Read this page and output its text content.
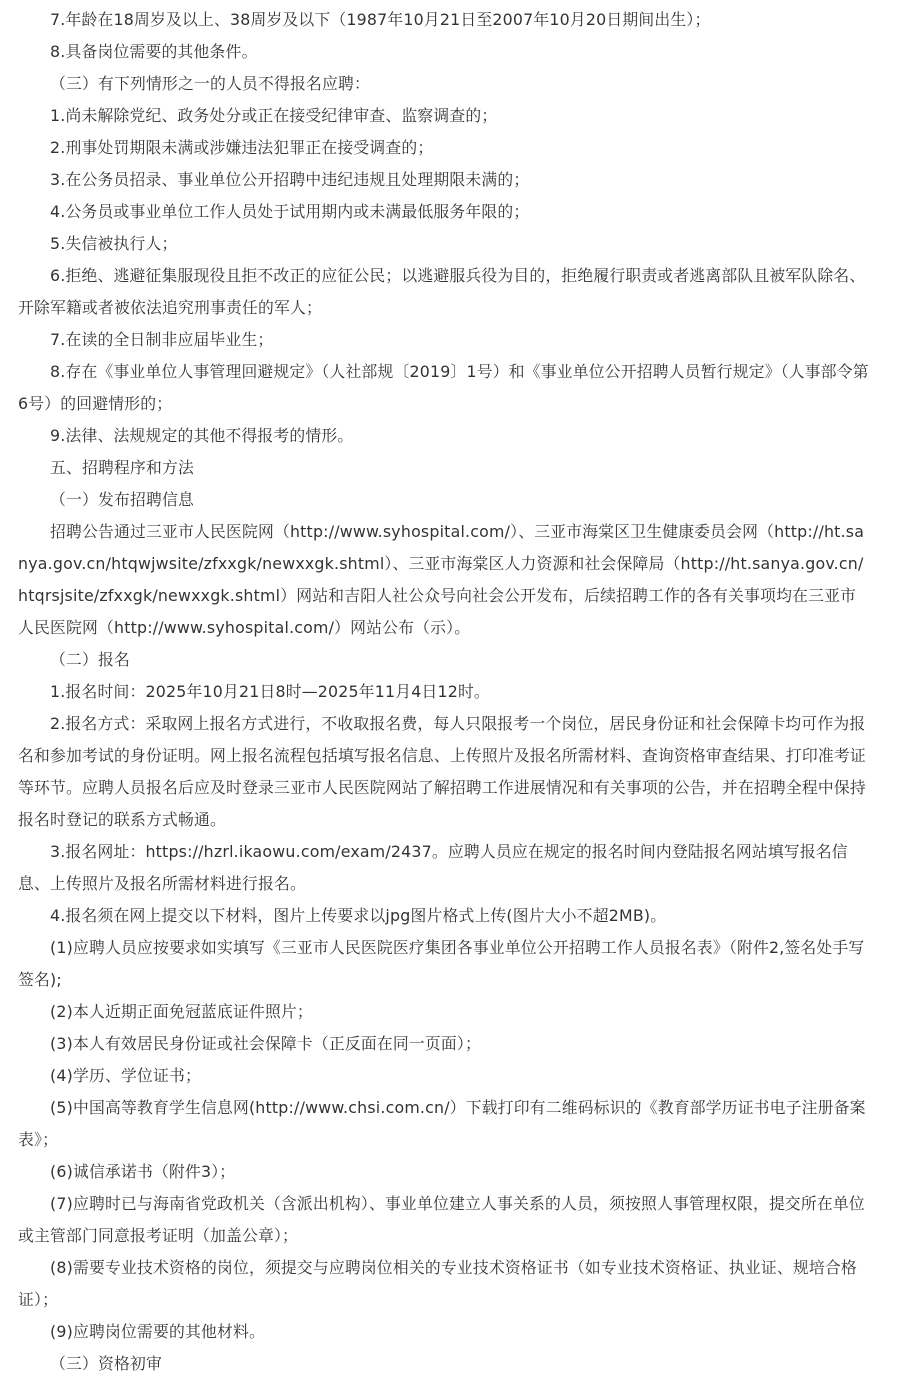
7.年龄在18周岁及以上、38周岁及以下（1987年10月21日至2007年10月20日期间出生）；

8.具备岗位需要的其他条件。

（三）有下列情形之一的人员不得报名应聘：

1.尚未解除党纪、政务处分或正在接受纪律审查、监察调查的；

2.刑事处罚期限未满或涉嫌违法犯罪正在接受调查的；

3.在公务员招录、事业单位公开招聘中违纪违规且处理期限未满的；

4.公务员或事业单位工作人员处于试用期内或未满最低服务年限的；

5.失信被执行人；

6.拒绝、逃避征集服现役且拒不改正的应征公民；以逃避服兵役为目的，拒绝履行职责或者逃离部队且被军队除名、开除军籍或者被依法追究刑事责任的军人；

7.在读的全日制非应届毕业生；

8.存在《事业单位人事管理回避规定》（人社部规〔2019〕1号）和《事业单位公开招聘人员暂行规定》（人事部令第6号）的回避情形的；

9.法律、法规规定的其他不得报考的情形。

五、招聘程序和方法

（一）发布招聘信息

招聘公告通过三亚市人民医院网（http://www.syhospital.com/）、三亚市海棠区卫生健康委员会网（http://ht.sanya.gov.cn/htqwjwsite/zfxxgk/newxxgk.shtml）、三亚市海棠区人力资源和社会保障局（http://ht.sanya.gov.cn/htqrsjsite/zfxxgk/newxxgk.shtml）网站和吉阳人社公众号向社会公开发布，后续招聘工作的各有关事项均在三亚市人民医院网（http://www.syhospital.com/）网站公布（示）。

（二）报名

1.报名时间：2025年10月21日8时—2025年11月4日12时。

2.报名方式：采取网上报名方式进行，不收取报名费，每人只限报考一个岗位，居民身份证和社会保障卡均可作为报名和参加考试的身份证明。网上报名流程包括填写报名信息、上传照片及报名所需材料、查询资格审查结果、打印准考证等环节。应聘人员报名后应及时登录三亚市人民医院网站了解招聘工作进展情况和有关事项的公告，并在招聘全程中保持报名时登记的联系方式畅通。

3.报名网址：https://hzrl.ikaowu.com/exam/2437。应聘人员应在规定的报名时间内登陆报名网站填写报名信息、上传照片及报名所需材料进行报名。

4.报名须在网上提交以下材料，图片上传要求以jpg图片格式上传(图片大小不超2MB)。

(1)应聘人员应按要求如实填写《三亚市人民医院医疗集团各事业单位公开招聘工作人员报名表》（附件2,签名处手写签名);

(2)本人近期正面免冠蓝底证件照片；

(3)本人有效居民身份证或社会保障卡（正反面在同一页面）；

(4)学历、学位证书；

(5)中国高等教育学生信息网(http://www.chsi.com.cn/）下载打印有二维码标识的《教育部学历证书电子注册备案表》；

(6)诚信承诺书（附件3）；

(7)应聘时已与海南省党政机关（含派出机构）、事业单位建立人事关系的人员，须按照人事管理权限，提交所在单位或主管部门同意报考证明（加盖公章）；

(8)需要专业技术资格的岗位，须提交与应聘岗位相关的专业技术资格证书（如专业技术资格证、执业证、规培合格证）；

(9)应聘岗位需要的其他材料。

（三）资格初审
